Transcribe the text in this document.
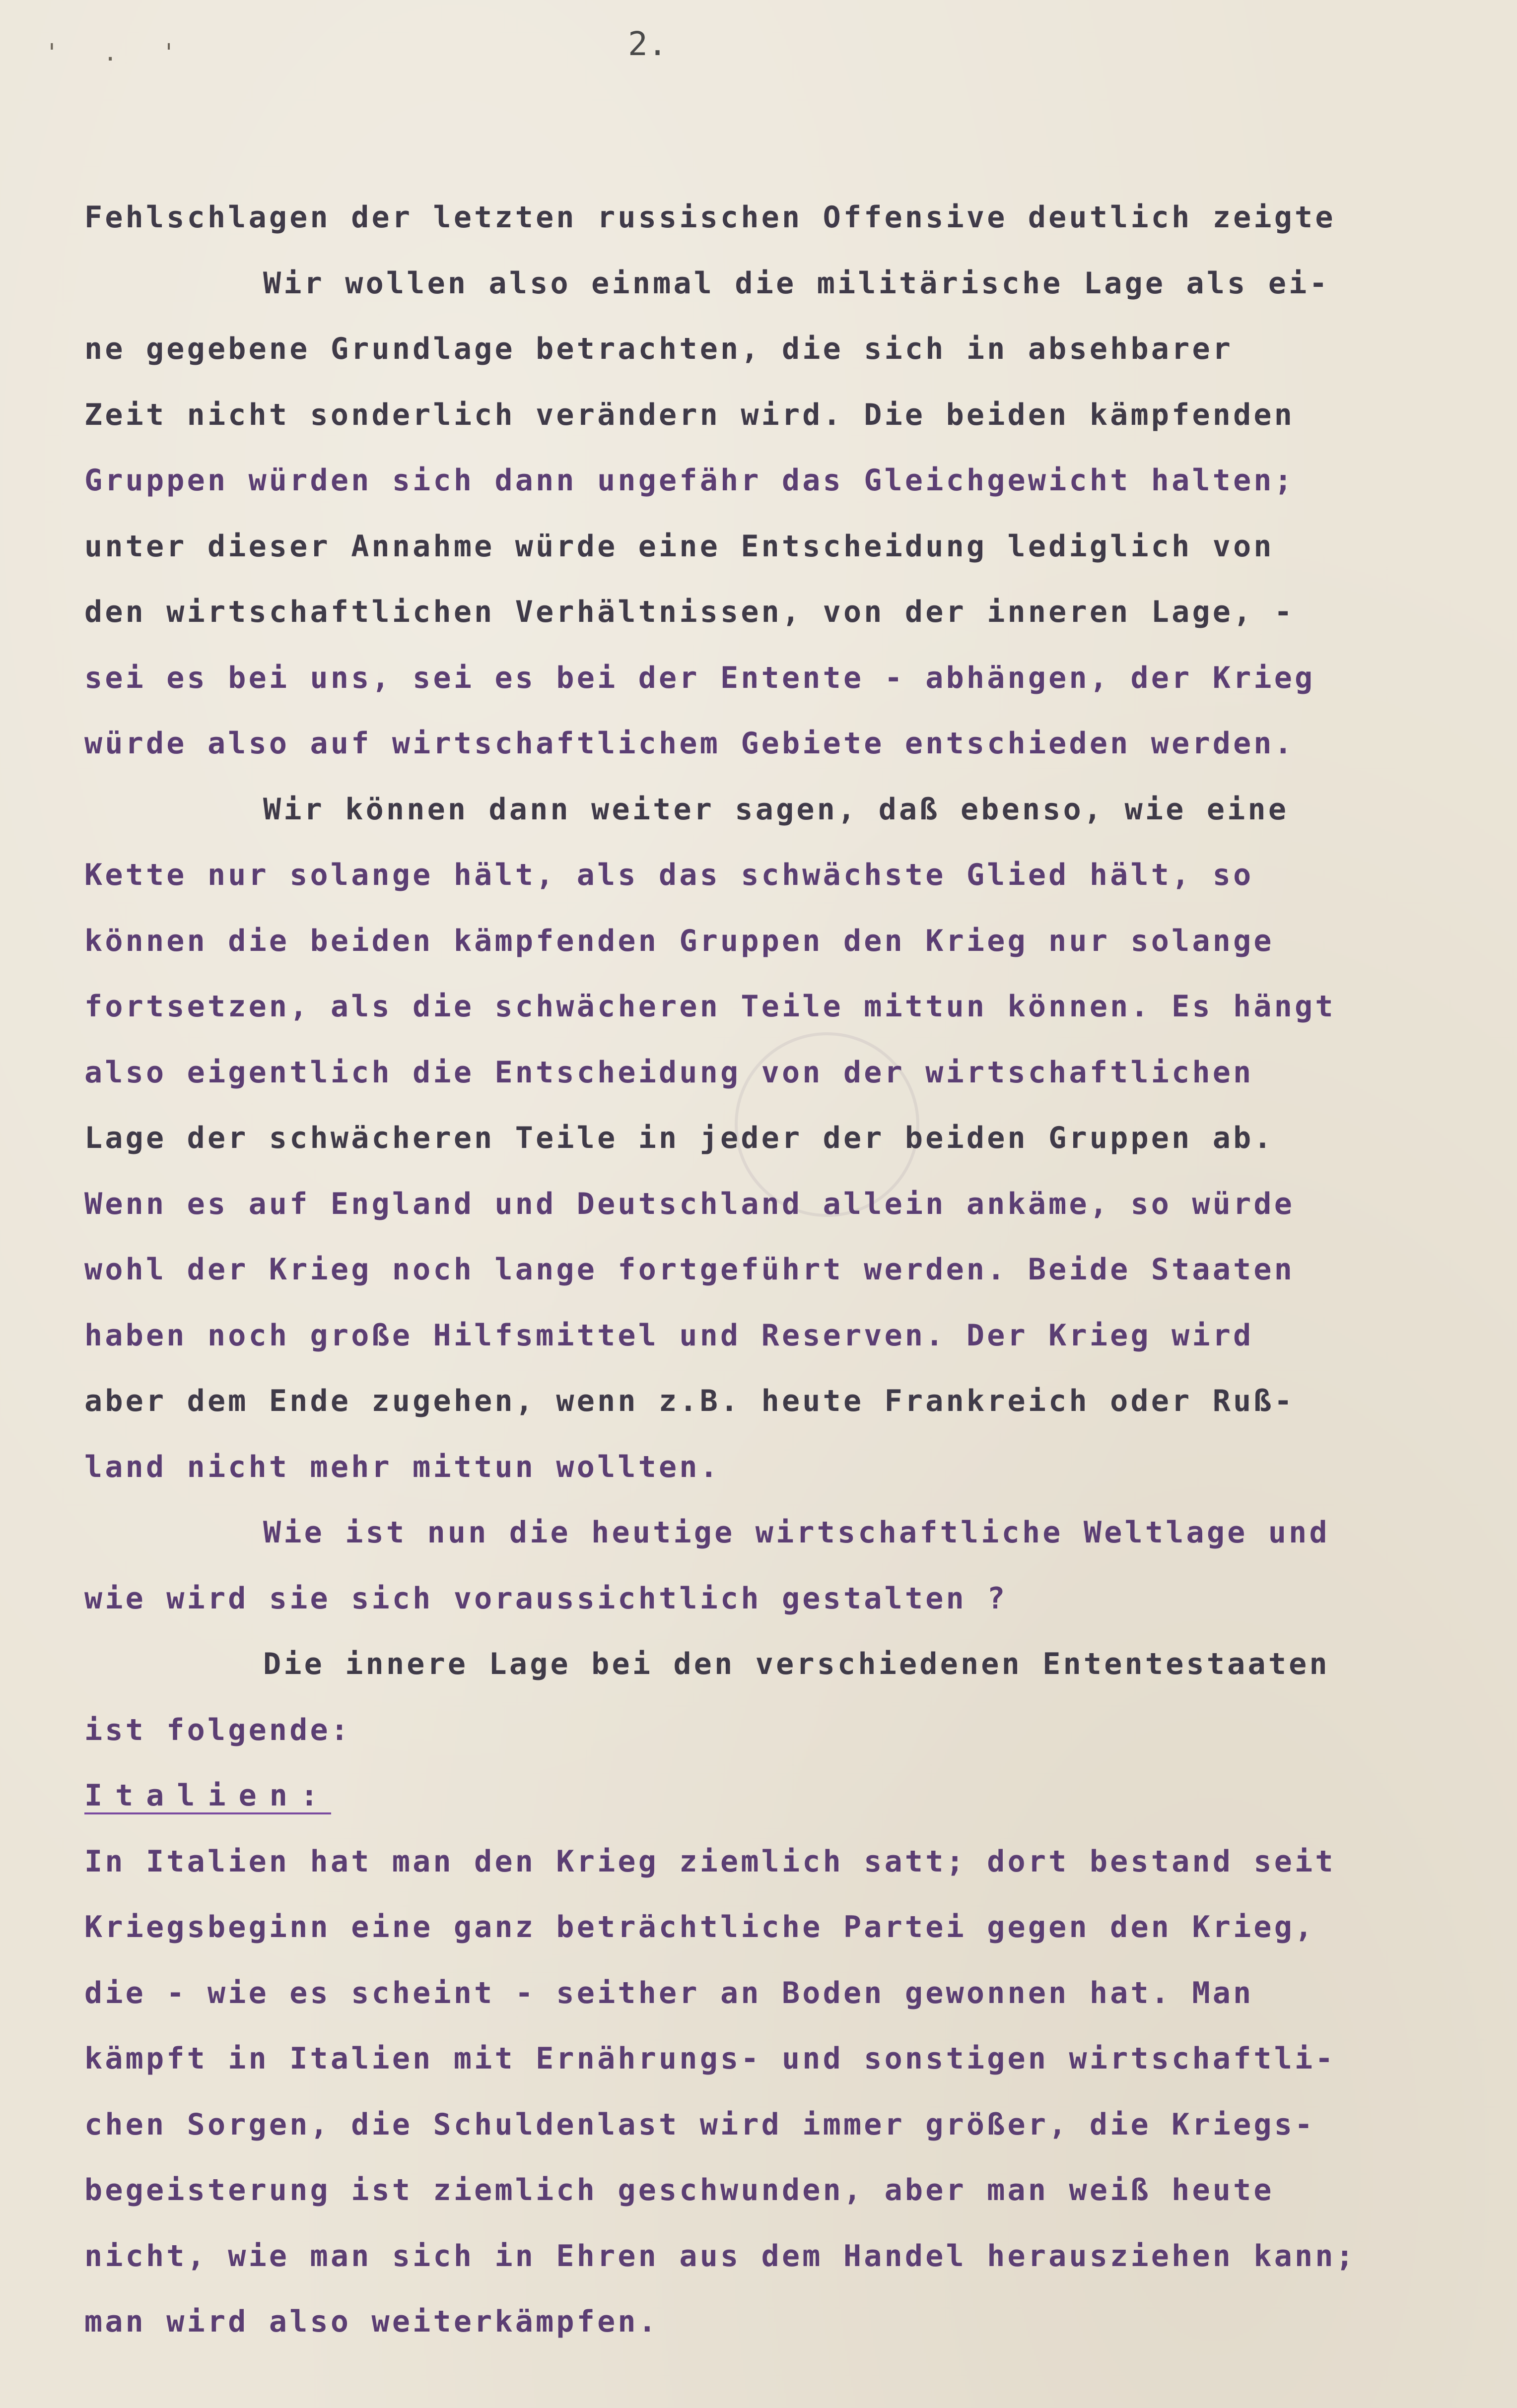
' . '	2.
Fehlschlagen der letzten russischen Offensive deutlich zeigte
Wir wollen also einmal die militärische Lage als ei-
ne gegebene Grundlage betrachten, die sich in absehbarer
Zeit nicht sonderlich verändern wird. Die beiden kämpfenden
Gruppen würden sich dann ungefähr das Gleichgewicht halten;
unter dieser Annahme würde eine Entscheidung lediglich von
den wirtschaftlichen Verhältnissen, von der inneren Lage, -
sei es bei uns, sei es bei der Entente - abhängen, der Krieg
würde also auf wirtschaftlichem Gebiete entschieden werden.
Wir können dann weiter sagen, daß ebenso, wie eine
Kette nur solange hält, als das schwächste Glied hält, so
können die beiden kämpfenden Gruppen den Krieg nur solange
fortsetzen, als die schwächeren Teile mittun können. Es hängt
also eigentlich die Entscheidung von der wirtschaftlichen
Lage der schwächeren Teile in jeder der beiden Gruppen ab.
Wenn es auf England und Deutschland allein ankäme, so würde
wohl der Krieg noch lange fortgeführt werden. Beide Staaten
haben noch große Hilfsmittel und Reserven. Der Krieg wird
aber dem Ende zugehen, wenn z.B. heute Frankreich oder Ruß-
land nicht mehr mittun wollten.
Wie ist nun die heutige wirtschaftliche Weltlage und
wie wird sie sich voraussichtlich gestalten ?
Die innere Lage bei den verschiedenen Ententestaaten
ist folgende:
Italien:
In Italien hat man den Krieg ziemlich satt; dort bestand seit
Kriegsbeginn eine ganz beträchtliche Partei gegen den Krieg,
die - wie es scheint - seither an Boden gewonnen hat. Man
kämpft in Italien mit Ernährungs- und sonstigen wirtschaftli-
chen Sorgen, die Schuldenlast wird immer größer, die Kriegs-
begeisterung ist ziemlich geschwunden, aber man weiß heute
nicht, wie man sich in Ehren aus dem Handel herausziehen kann;
man wird also weiterkämpfen.
